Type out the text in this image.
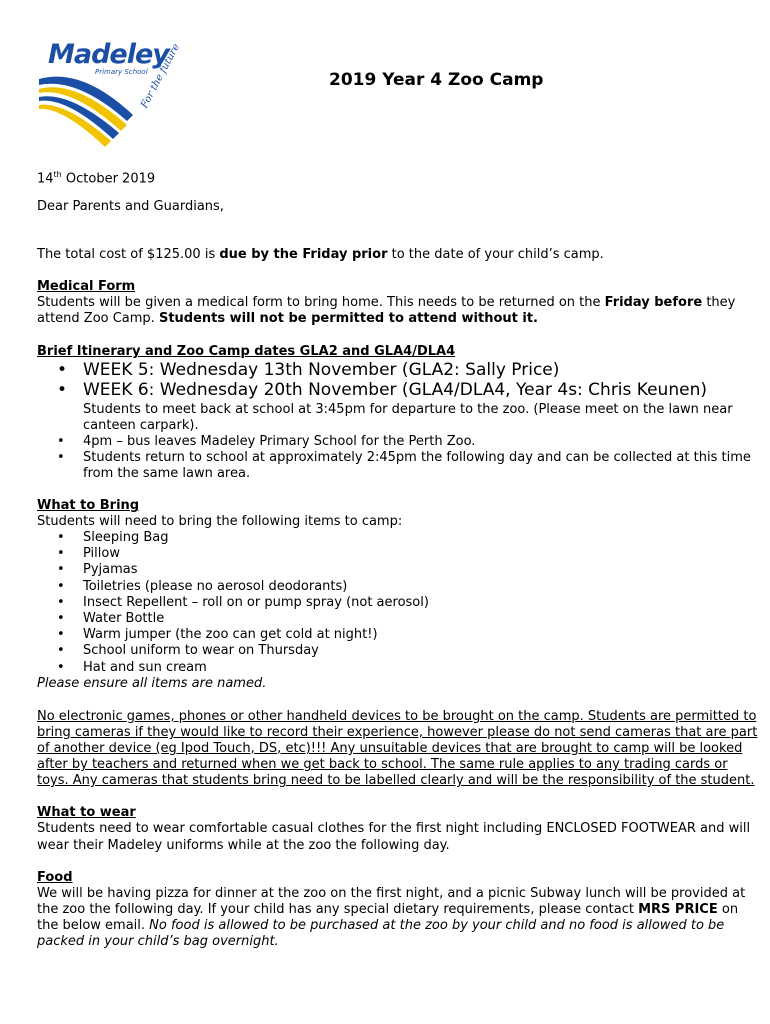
Madeley
Primary School
For the future	2019 Year 4 Zoo Camp
14th October 2019
Dear Parents and Guardians,
The total cost of $125.00 is due by the Friday prior to the date of your child’s camp.
Medical Form
Students will be given a medical form to bring home. This needs to be returned on the Friday before they
attend Zoo Camp. Students will not be permitted to attend without it.
Brief Itinerary and Zoo Camp dates GLA2 and GLA4/DLA4
• WEEK 5: Wednesday 13th November (GLA2: Sally Price)
• WEEK 6: Wednesday 20th November (GLA4/DLA4, Year 4s: Chris Keunen)
Students to meet back at school at 3:45pm for departure to the zoo. (Please meet on the lawn near
canteen carpark).
• 4pm – bus leaves Madeley Primary School for the Perth Zoo.
• Students return to school at approximately 2:45pm the following day and can be collected at this time
from the same lawn area.
What to Bring
Students will need to bring the following items to camp:
• Sleeping Bag
• Pillow
• Pyjamas
• Toiletries (please no aerosol deodorants)
• Insect Repellent – roll on or pump spray (not aerosol)
• Water Bottle
• Warm jumper (the zoo can get cold at night!)
• School uniform to wear on Thursday
• Hat and sun cream
Please ensure all items are named.
No electronic games, phones or other handheld devices to be brought on the camp. Students are permitted to
bring cameras if they would like to record their experience, however please do not send cameras that are part
of another device (eg Ipod Touch, DS, etc)!!! Any unsuitable devices that are brought to camp will be looked
after by teachers and returned when we get back to school. The same rule applies to any trading cards or
toys. Any cameras that students bring need to be labelled clearly and will be the responsibility of the student.
What to wear
Students need to wear comfortable casual clothes for the first night including ENCLOSED FOOTWEAR and will
wear their Madeley uniforms while at the zoo the following day.
Food
We will be having pizza for dinner at the zoo on the first night, and a picnic Subway lunch will be provided at
the zoo the following day. If your child has any special dietary requirements, please contact MRS PRICE on
the below email. No food is allowed to be purchased at the zoo by your child and no food is allowed to be
packed in your child’s bag overnight.
